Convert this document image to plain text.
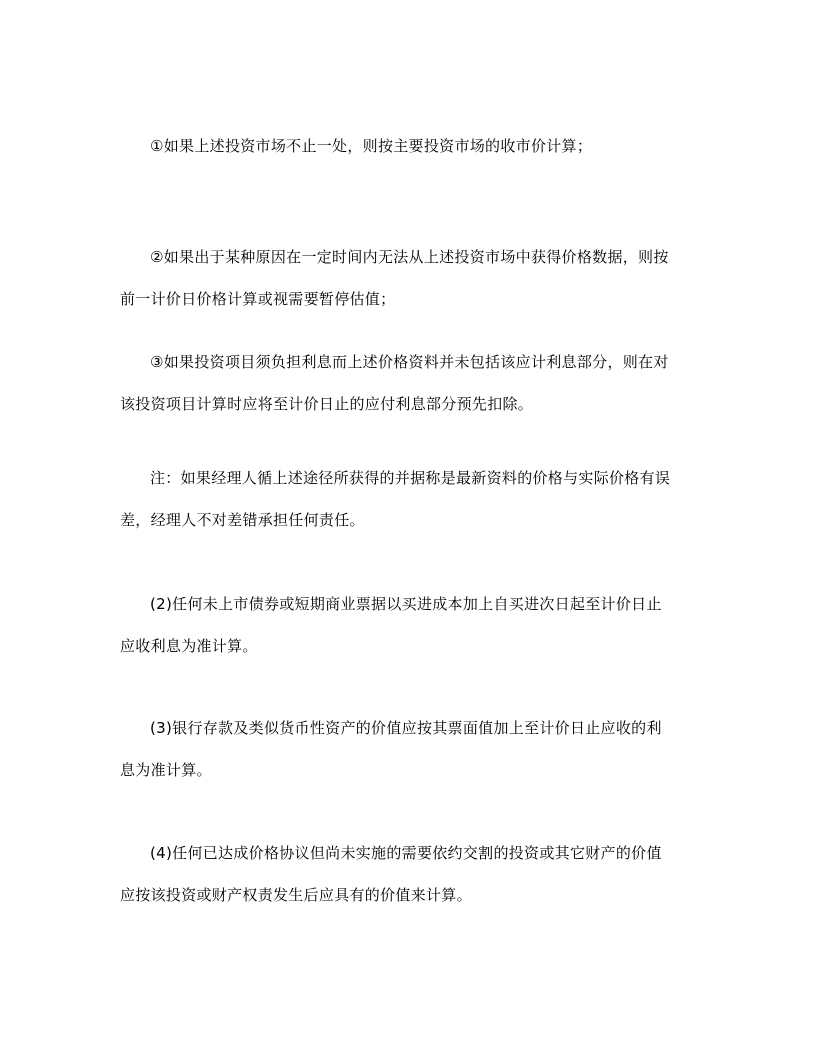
①如果上述投资市场不止一处，则按主要投资市场的收市价计算；
②如果出于某种原因在一定时间内无法从上述投资市场中获得价格数据，则按
前一计价日价格计算或视需要暂停估值；
③如果投资项目须负担利息而上述价格资料并未包括该应计利息部分，则在对
该投资项目计算时应将至计价日止的应付利息部分预先扣除。
注：如果经理人循上述途径所获得的并据称是最新资料的价格与实际价格有误
差，经理人不对差错承担任何责任。
(2)任何未上市债券或短期商业票据以买进成本加上自买进次日起至计价日止
应收利息为准计算。
(3)银行存款及类似货币性资产的价值应按其票面值加上至计价日止应收的利
息为准计算。
(4)任何已达成价格协议但尚未实施的需要依约交割的投资或其它财产的价值
应按该投资或财产权责发生后应具有的价值来计算。
